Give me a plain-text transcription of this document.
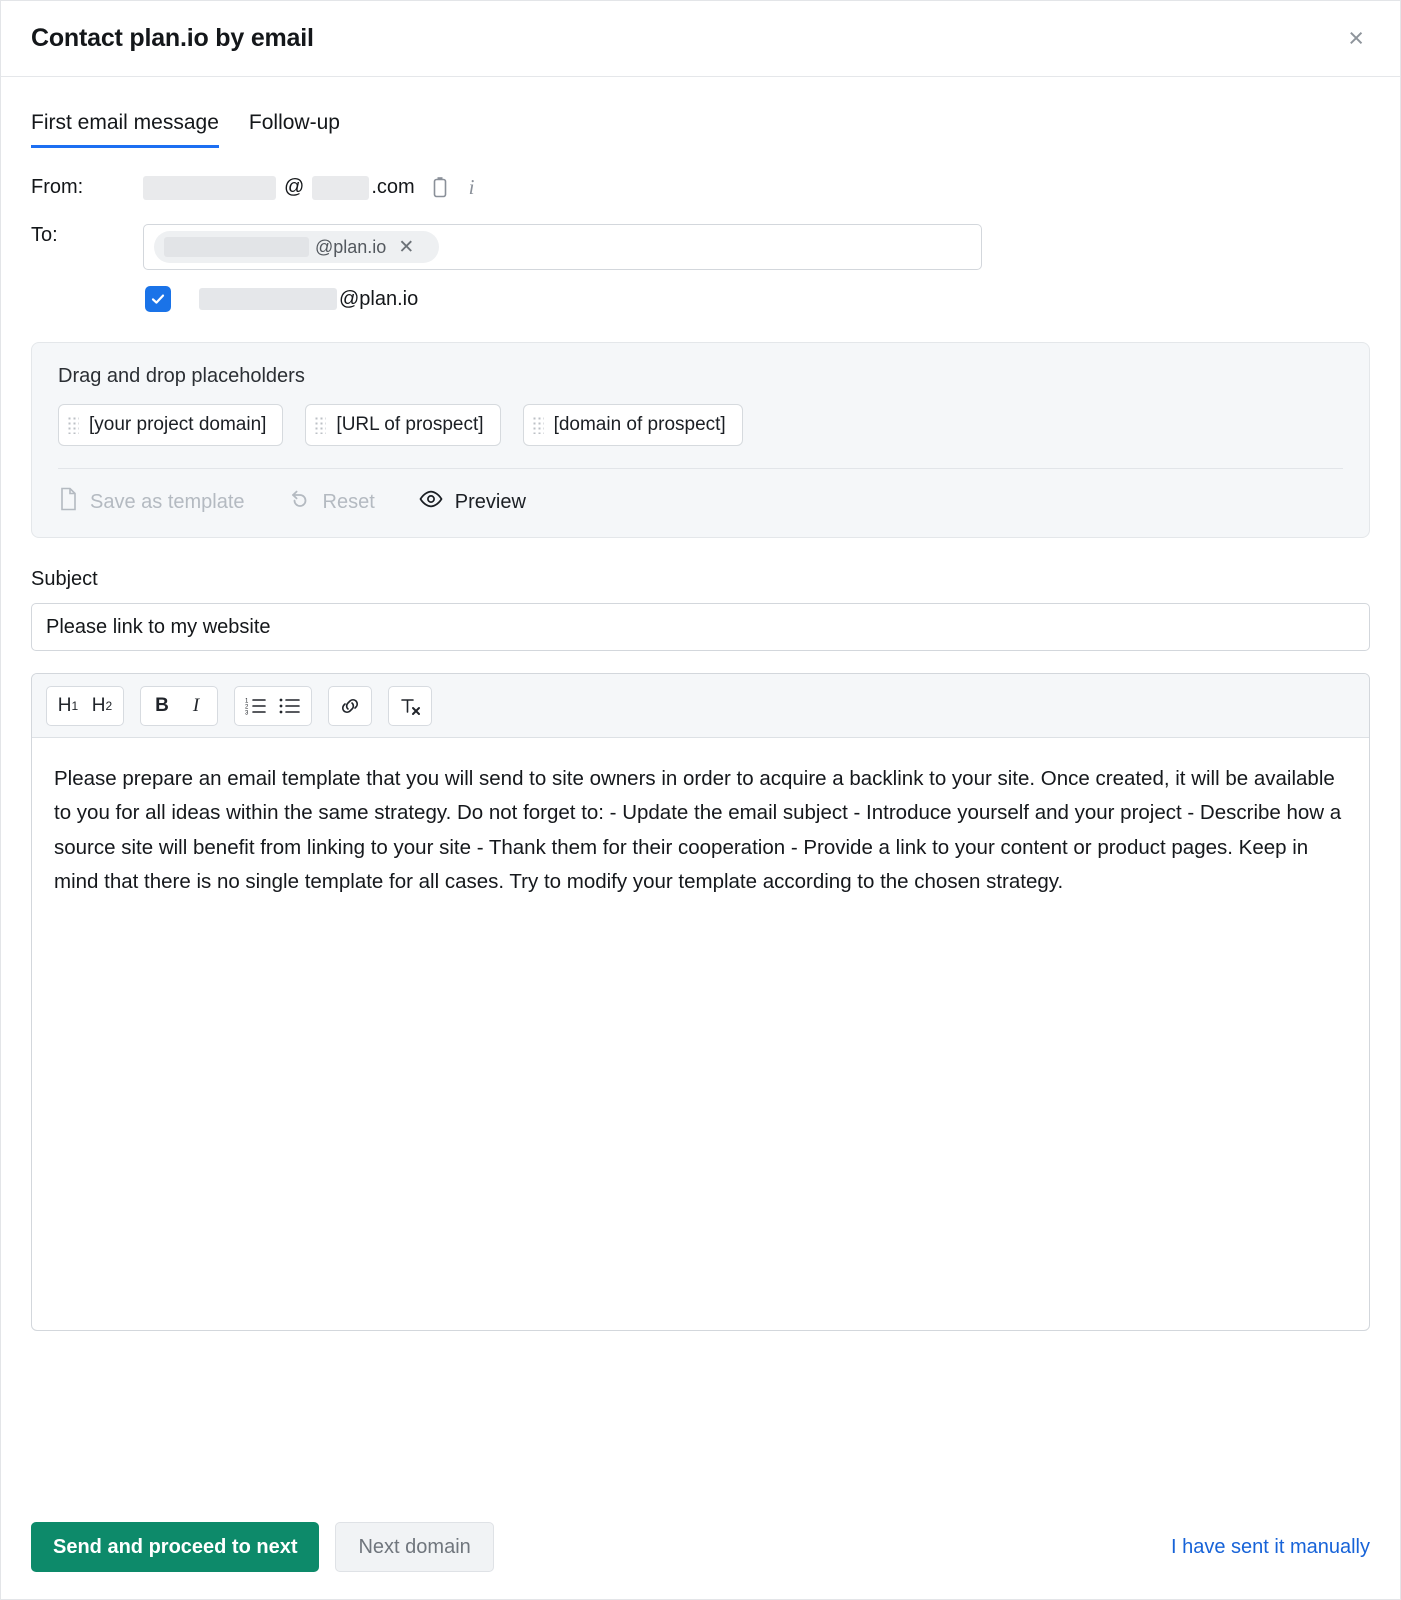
Contact plan.io by email	×
First email message Follow-up
From:	@	.com	i
To:
@plan.io ✕
@plan.io
Drag and drop placeholders
[your project domain]	[URL of prospect]	[domain of prospect]
Save as template	Reset	Preview
Subject
Please link to my website
H 1 H 2	B	I	1
2
3
Please prepare an email template that you will send to site owners in order to acquire a backlink to your site. Once created, it will be available to you for all ideas within the same strategy. Do not forget to: - Update the email subject - Introduce yourself and your project - Describe how a source site will benefit from linking to your site - Thank them for their cooperation - Provide a link to your content or product pages. Keep in mind that there is no single template for all cases. Try to modify your template according to the chosen strategy.
Send and proceed to next	Next domain	I have sent it manually
